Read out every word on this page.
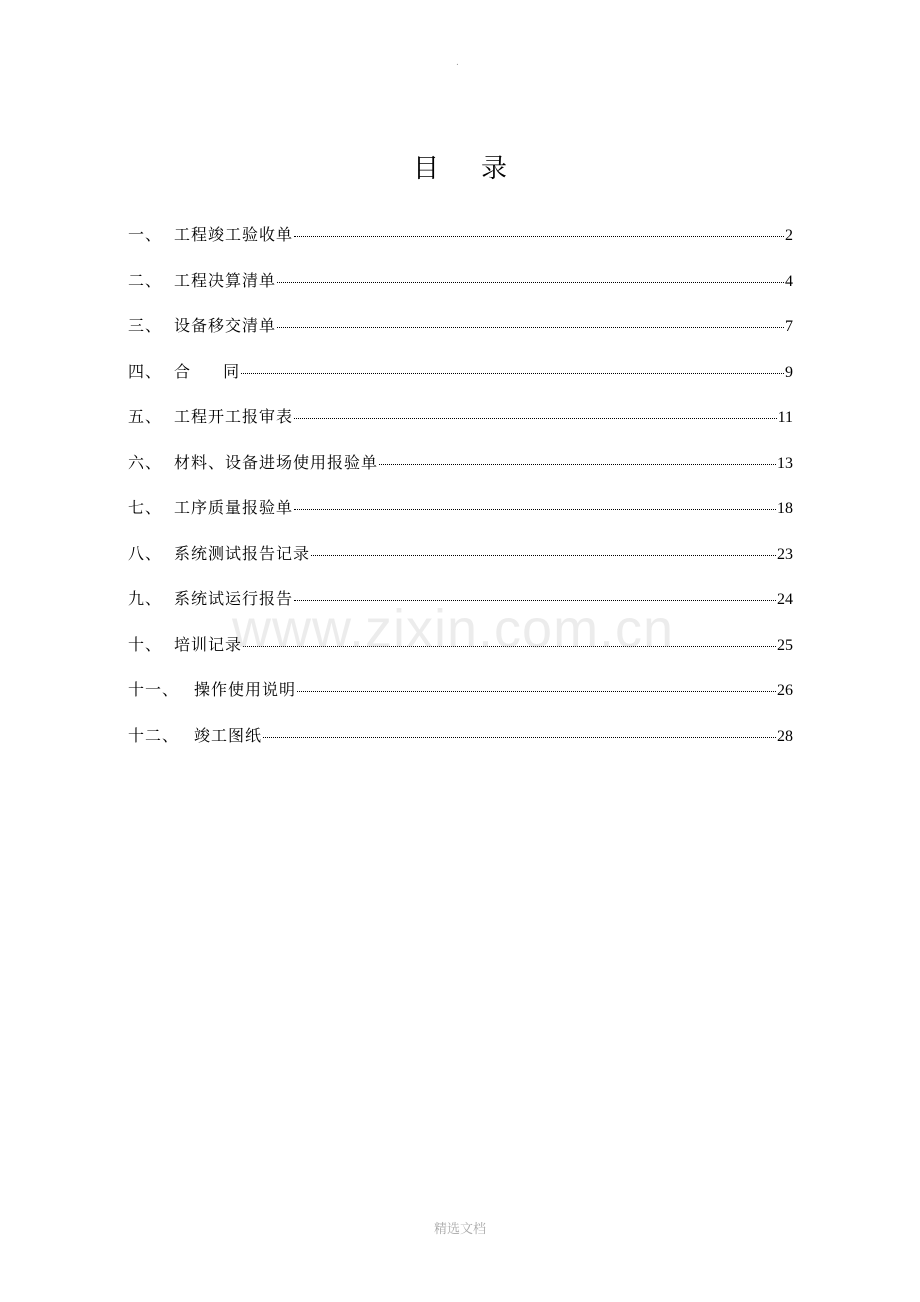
.
目录
一、 工程竣工验收单	2
二、 工程决算清单	4
三、 设备移交清单	7
四、 合 同	9
五、 工程开工报审表	11
六、 材料、设备进场使用报验单	13
七、 工序质量报验单	18
八、 系统测试报告记录	23
九、 系统试运行报告	24
十、 培训记录	25
十一、 操作使用说明	26
十二、 竣工图纸	28
www.zixin.com.cn
精选文档
